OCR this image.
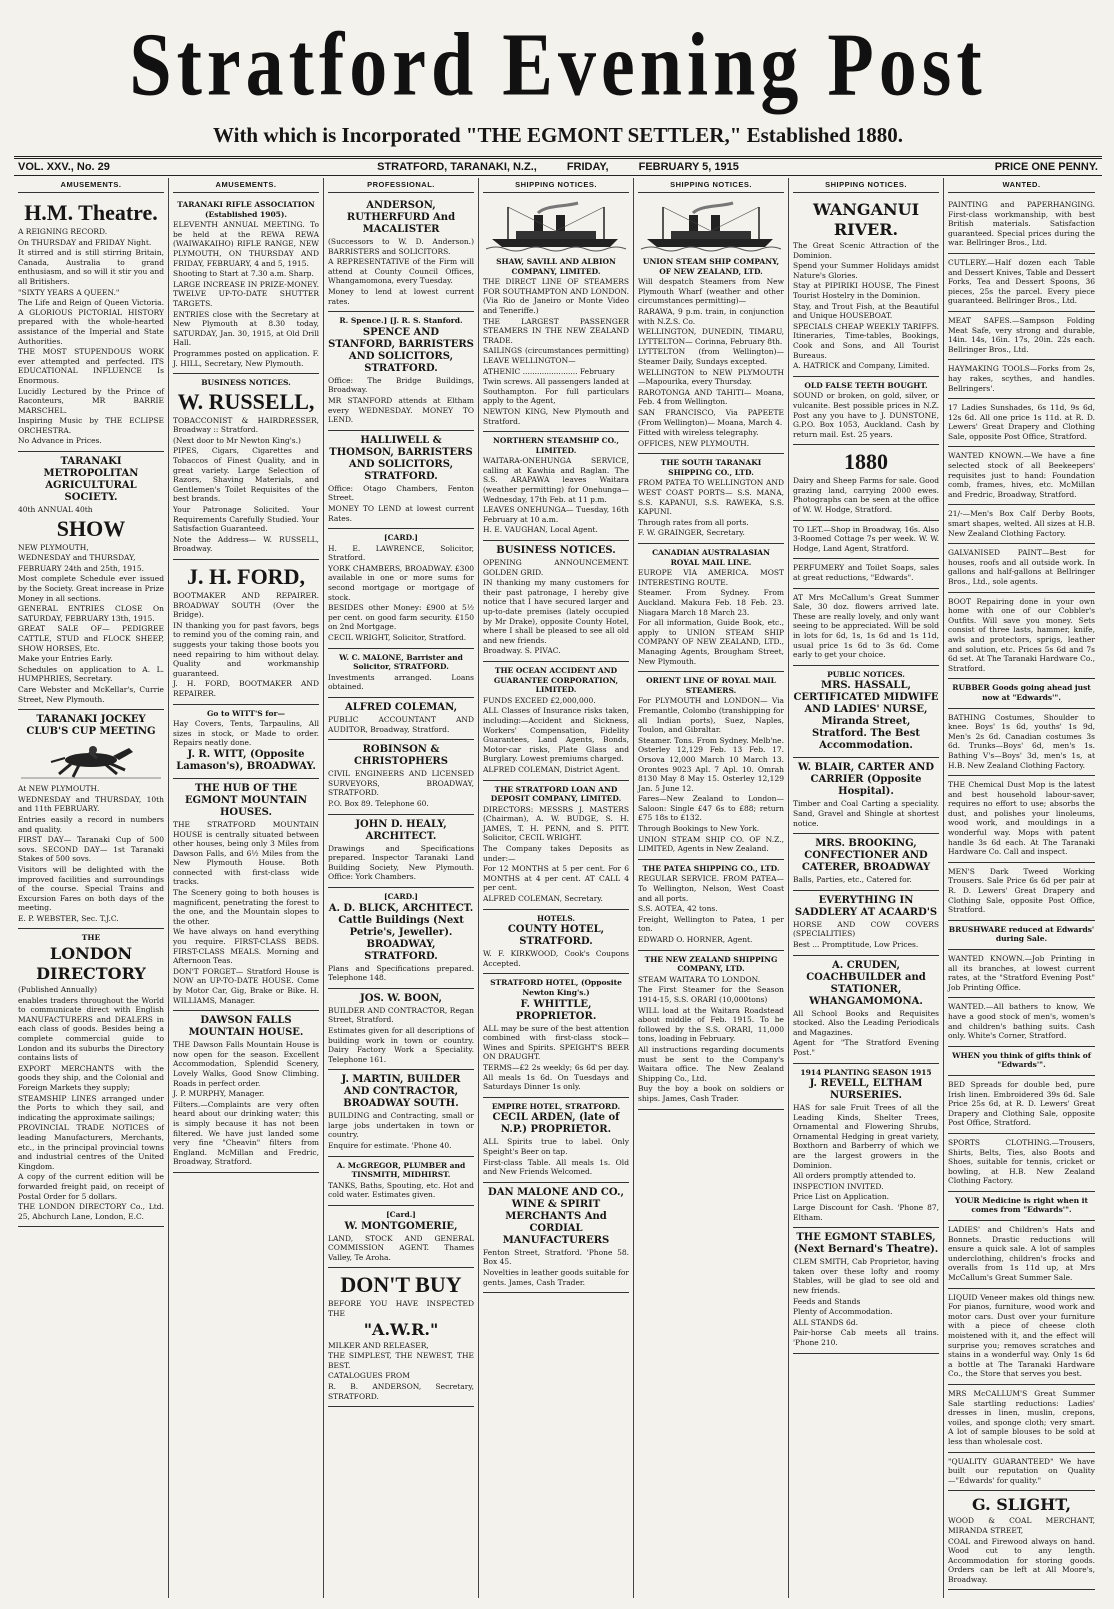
Stratford Evening Post
With which is Incorporated "THE EGMONT SETTLER," Established 1880.
VOL. XXV., No. 29	STRATFORD, TARANAKI, N.Z.,	FRIDAY,	FEBRUARY 5, 1915	PRICE ONE PENNY.
AMUSEMENTS.

H.M. Theatre.

A REIGNING RECORD.

On THURSDAY and FRIDAY Night.

It stirred and is still stirring Britain, Canada, Australia to grand enthusiasm, and so will it stir you and all Britishers.

"SIXTY YEARS A QUEEN."

The Life and Reign of Queen Victoria. A GLORIOUS PICTORIAL HISTORY prepared with the whole-hearted assistance of the Imperial and State Authorities.

THE MOST STUPENDOUS WORK ever attempted and perfected. ITS EDUCATIONAL INFLUENCE Is Enormous.

Lucidly Lectured by the Prince of Raconteurs, MR BARRIE MARSCHEL.

Inspiring Music by THE ECLIPSE ORCHESTRA.

No Advance in Prices.

TARANAKI METROPOLITAN AGRICULTURAL SOCIETY.

40th ANNUAL 40th

SHOW

NEW PLYMOUTH,

WEDNESDAY and THURSDAY,

FEBRUARY 24th and 25th, 1915.

Most complete Schedule ever issued by the Society. Great increase in Prize Money in all sections.

GENERAL ENTRIES CLOSE On SATURDAY, FEBRUARY 13th, 1915.

GREAT SALE OF— PEDIGREE CATTLE, STUD and FLOCK SHEEP, SHOW HORSES, Etc.

Make your Entries Early.

Schedules on application to A. L. HUMPHRIES, Secretary.

Care Webster and McKellar's, Currie Street, New Plymouth.

TARANAKI JOCKEY CLUB'S CUP MEETING

At NEW PLYMOUTH.

WEDNESDAY and THURSDAY, 10th and 11th FEBRUARY.

Entries easily a record in numbers and quality.

FIRST DAY— Taranaki Cup of 500 sovs. SECOND DAY— 1st Taranaki Stakes of 500 sovs.

Visitors will be delighted with the improved facilities and surroundings of the course. Special Trains and Excursion Fares on both days of the meeting.

E. P. WEBSTER, Sec. T.J.C.

THE

LONDON DIRECTORY

(Published Annually)

enables traders throughout the World to communicate direct with English MANUFACTURERS and DEALERS in each class of goods. Besides being a complete commercial guide to London and its suburbs the Directory contains lists of

EXPORT MERCHANTS with the goods they ship, and the Colonial and Foreign Markets they supply;

STEAMSHIP LINES arranged under the Ports to which they sail, and indicating the approximate sailings;

PROVINCIAL TRADE NOTICES of leading Manufacturers, Merchants, etc., in the principal provincial towns and industrial centres of the United Kingdom.

A copy of the current edition will be forwarded freight paid, on receipt of Postal Order for 5 dollars.

THE LONDON DIRECTORY Co., Ltd. 25, Abchurch Lane, London, E.C.

AMUSEMENTS.

TARANAKI RIFLE ASSOCIATION (Established 1905).

ELEVENTH ANNUAL MEETING. To be held at the REWA REWA (WAIWAKAIHO) RIFLE RANGE, NEW PLYMOUTH, ON THURSDAY AND FRIDAY, FEBRUARY, 4 and 5, 1915.

Shooting to Start at 7.30 a.m. Sharp.

LARGE INCREASE IN PRIZE-MONEY. TWELVE UP-TO-DATE SHUTTER TARGETS.

ENTRIES close with the Secretary at New Plymouth at 8.30 today, SATURDAY, Jan. 30, 1915, at Old Drill Hall.

Programmes posted on application. F. J. HILL, Secretary, New Plymouth.

BUSINESS NOTICES.

W. RUSSELL,

TOBACCONIST & HAIRDRESSER, Broadway :: Stratford.

(Next door to Mr Newton King's.)

PIPES, Cigars, Cigarettes and Tobaccos of Finest Quality, and in great variety. Large Selection of Razors, Shaving Materials, and Gentlemen's Toilet Requisites of the best brands.

Your Patronage Solicited. Your Requirements Carefully Studied. Your Satisfaction Guaranteed.

Note the Address— W. RUSSELL, Broadway.

J. H. FORD,

BOOTMAKER AND REPAIRER. BROADWAY SOUTH (Over the Bridge).

IN thanking you for past favors, begs to remind you of the coming rain, and suggests your taking those boots you need repairing to him without delay. Quality and workmanship guaranteed.

J. H. FORD, BOOTMAKER AND REPAIRER.

Go to WITT'S for—

Hay Covers, Tents, Tarpaulins, All sizes in stock, or Made to order. Repairs neatly done.

J. R. WITT, (Opposite Lamason's), BROADWAY.

THE HUB OF THE EGMONT MOUNTAIN HOUSES.

THE STRATFORD MOUNTAIN HOUSE is centrally situated between other houses, being only 3 Miles from Dawson Falls, and 6½ Miles from the New Plymouth House. Both connected with first-class wide tracks.

The Scenery going to both houses is magnificent, penetrating the forest to the one, and the Mountain slopes to the other.

We have always on hand everything you require. FIRST-CLASS BEDS. FIRST-CLASS MEALS. Morning and Afternoon Teas.

DON'T FORGET— Stratford House is NOW an UP-TO-DATE HOUSE. Come by Motor Car, Gig, Brake or Bike. H. WILLIAMS, Manager.

DAWSON FALLS MOUNTAIN HOUSE.

THE Dawson Falls Mountain House is now open for the season. Excellent Accommodation, Splendid Scenery, Lovely Walks, Good Snow Climbing. Roads in perfect order.

J. P. MURPHY, Manager.

Filters.—Complaints are very often heard about our drinking water; this is simply because it has not been filtered. We have just landed some very fine "Cheavin" filters from England. McMillan and Fredric, Broadway, Stratford.

PROFESSIONAL.

ANDERSON, RUTHERFURD And MACALISTER

(Successors to W. D. Anderson.) BARRISTERS and SOLICITORS.

A REPRESENTATIVE of the Firm will attend at County Council Offices, Whangamomona, every Tuesday.

Money to lend at lowest current rates.

R. Spence.] [J. R. S. Stanford.

SPENCE AND STANFORD, BARRISTERS AND SOLICITORS, STRATFORD.

Office: The Bridge Buildings, Broadway.

MR STANFORD attends at Eltham every WEDNESDAY. MONEY TO LEND.

HALLIWELL & THOMSON, BARRISTERS AND SOLICITORS, STRATFORD.

Office: Otago Chambers, Fenton Street.

MONEY TO LEND at lowest current Rates.

[CARD.]

H. E. LAWRENCE, Solicitor, Stratford.

YORK CHAMBERS, BROADWAY. £300 available in one or more sums for second mortgage or mortgage of stock.

BESIDES other Money: £900 at 5½ per cent. on good farm security. £150 on 2nd Mortgage.

CECIL WRIGHT, Solicitor, Stratford.

W. C. MALONE, Barrister and Solicitor, STRATFORD.

Investments arranged. Loans obtained.

ALFRED COLEMAN,

PUBLIC ACCOUNTANT AND AUDITOR, Broadway, Stratford.

ROBINSON & CHRISTOPHERS

CIVIL ENGINEERS AND LICENSED SURVEYORS, BROADWAY, STRATFORD.

P.O. Box 89. Telephone 60.

JOHN D. HEALY, ARCHITECT.

Drawings and Specifications prepared. Inspector Taranaki Land Building Society, New Plymouth. Office: York Chambers.

[CARD.]

A. D. BLICK, ARCHITECT. Cattle Buildings (Next Petrie's, Jeweller). BROADWAY, STRATFORD.

Plans and Specifications prepared. Telephone 148.

JOS. W. BOON,

BUILDER AND CONTRACTOR, Regan Street, Stratford.

Estimates given for all descriptions of building work in town or country. Dairy Factory Work a Speciality. Telephone 161.

J. MARTIN, BUILDER AND CONTRACTOR, BROADWAY SOUTH.

BUILDING and Contracting, small or large jobs undertaken in town or country.

Enquire for estimate. 'Phone 40.

A. McGREGOR, PLUMBER and TINSMITH, MIDHIRST.

TANKS, Baths, Spouting, etc. Hot and cold water. Estimates given.

[Card.]

W. MONTGOMERIE,

LAND, STOCK AND GENERAL COMMISSION AGENT. Thames Valley, Te Aroha.

DON'T BUY

BEFORE YOU HAVE INSPECTED THE

"A.W.R."

MILKER AND RELEASER,

THE SIMPLEST, THE NEWEST, THE BEST.

CATALOGUES FROM

R. B. ANDERSON, Secretary, STRATFORD.

SHIPPING NOTICES.

SHAW, SAVILL AND ALBION COMPANY, LIMITED.

THE DIRECT LINE OF STEAMERS FOR SOUTHAMPTON AND LONDON. (Via Rio de Janeiro or Monte Video and Teneriffe.)

THE LARGEST PASSENGER STEAMERS IN THE NEW ZEALAND TRADE.

SAILINGS (circumstances permitting) LEAVE WELLINGTON—

ATHENIC ....................... February

Twin screws. All passengers landed at Southampton. For full particulars apply to the Agent,

NEWTON KING, New Plymouth and Stratford.

NORTHERN STEAMSHIP CO., LIMITED.

WAITARA-ONEHUNGA SERVICE, calling at Kawhia and Raglan. The S.S. ARAPAWA leaves Waitara (weather permitting) for Onehunga— Wednesday, 17th Feb. at 11 p.m.

LEAVES ONEHUNGA— Tuesday, 16th February at 10 a.m.

H. E. VAUGHAN, Local Agent.

BUSINESS NOTICES.

OPENING ANNOUNCEMENT. GOLDEN GRID.

IN thanking my many customers for their past patronage, I hereby give notice that I have secured larger and up-to-date premises (lately occupied by Mr Drake), opposite County Hotel, where I shall be pleased to see all old and new friends.

Broadway. S. PIVAC.

THE OCEAN ACCIDENT AND GUARANTEE CORPORATION, LIMITED.

FUNDS EXCEED £2,000,000.

ALL Classes of Insurance risks taken, including:—Accident and Sickness, Workers' Compensation, Fidelity Guarantees, Land Agents, Bonds, Motor-car risks, Plate Glass and Burglary. Lowest premiums charged.

ALFRED COLEMAN, District Agent.

THE STRATFORD LOAN AND DEPOSIT COMPANY, LIMITED.

DIRECTORS: MESSRS J. MASTERS (Chairman), A. W. BUDGE, S. H. JAMES, T. H. PENN, and S. PITT. Solicitor, CECIL WRIGHT.

The Company takes Deposits as under:—

For 12 MONTHS at 5 per cent. For 6 MONTHS at 4 per cent. AT CALL 4 per cent.

ALFRED COLEMAN, Secretary.

HOTELS.

COUNTY HOTEL, STRATFORD.

W. F. KIRKWOOD, Cook's Coupons Accepted.

STRATFORD HOTEL, (Opposite Newton King's.)

F. WHITTLE, PROPRIETOR.

ALL may be sure of the best attention combined with first-class stock—Wines and Spirits. SPEIGHT'S BEER ON DRAUGHT.

TERMS—£2 2s weekly; 6s 6d per day. All meals 1s 6d. On Tuesdays and Saturdays Dinner 1s only.

EMPIRE HOTEL, STRATFORD.

CECIL ARDEN, (late of N.P.) PROPRIETOR.

ALL Spirits true to label. Only Speight's Beer on tap.

First-class Table. All meals 1s. Old and New Friends Welcomed.

DAN MALONE AND CO., WINE & SPIRIT MERCHANTS And CORDIAL MANUFACTURERS

Fenton Street, Stratford. 'Phone 58. Box 45.

Novelties in leather goods suitable for gents. James, Cash Trader.

SHIPPING NOTICES.

UNION STEAM SHIP COMPANY, OF NEW ZEALAND, LTD.

Will despatch Steamers from New Plymouth Wharf (weather and other circumstances permitting)—

RARAWA, 9 p.m. train, in conjunction with N.Z.S. Co.

WELLINGTON, DUNEDIN, TIMARU, LYTTELTON— Corinna, February 8th.

LYTTELTON (from Wellington)— Steamer Daily, Sundays excepted.

WELLINGTON to NEW PLYMOUTH —Mapourika, every Thursday.

RAROTONGA AND TAHITI— Moana, Feb. 4 from Wellington.

SAN FRANCISCO, Via PAPEETE (From Wellington)— Moana, March 4.

Fitted with wireless telegraphy.

OFFICES, NEW PLYMOUTH.

THE SOUTH TARANAKI SHIPPING CO., LTD.

FROM PATEA TO WELLINGTON AND WEST COAST PORTS— S.S. MANA, S.S. KAPANUI, S.S. RAWEKA, S.S. KAPUNI.

Through rates from all ports.

F. W. GRAINGER, Secretary.

CANADIAN AUSTRALASIAN ROYAL MAIL LINE.

EUROPE VIA AMERICA. MOST INTERESTING ROUTE.

Steamer. From Sydney. From Auckland. Makura Feb. 18 Feb. 23. Niagara March 18 March 23.

For all information, Guide Book, etc., apply to UNION STEAM SHIP COMPANY OF NEW ZEALAND, LTD., Managing Agents, Brougham Street, New Plymouth.

ORIENT LINE OF ROYAL MAIL STEAMERS.

For PLYMOUTH and LONDON— Via Fremantle, Colombo (transhipping for all Indian ports), Suez, Naples, Toulon, and Gibraltar.

Steamer. Tons. From Sydney. Melb'ne. Osterley 12,129 Feb. 13 Feb. 17. Orsova 12,000 March 10 March 13. Orontes 9023 Apl. 7 Apl. 10. Omrah 8130 May 8 May 15. Osterley 12,129 Jan. 5 June 12.

Fares—New Zealand to London— Saloon: Single £47 6s to £88; return £75 18s to £132.

Through Bookings to New York.

UNION STEAM SHIP CO. OF N.Z., LIMITED, Agents in New Zealand.

THE PATEA SHIPPING CO., LTD.

REGULAR SERVICE. FROM PATEA— To Wellington, Nelson, West Coast and all ports.

S.S. AOTEA, 42 tons.

Freight, Wellington to Patea, 1 per ton.

EDWARD O. HORNER, Agent.

THE NEW ZEALAND SHIPPING COMPANY, LTD.

STEAM WAITARA TO LONDON.

The First Steamer for the Season 1914-15, S.S. ORARI (10,000tons)

WILL load at the Waitara Roadstead about middle of Feb. 1915. To be followed by the S.S. ORARI, 11,000 tons, loading in February.

All instructions regarding documents must be sent to the Company's Waitara office. The New Zealand Shipping Co., Ltd.

Buy the boy a book on soldiers or ships. James, Cash Trader.

SHIPPING NOTICES.

WANGANUI RIVER.

The Great Scenic Attraction of the Dominion.

Spend your Summer Holidays amidst Nature's Glories.

Stay at PIPIRIKI HOUSE, The Finest Tourist Hostelry in the Dominion.

Stay, and Trout Fish, at the Beautiful and Unique HOUSEBOAT.

SPECIALS CHEAP WEEKLY TARIFFS. Itineraries, Time-tables, Bookings, Cook and Sons, and All Tourist Bureaus.

A. HATRICK and Company, Limited.

OLD FALSE TEETH BOUGHT.

SOUND or broken, on gold, silver, or vulcanite. Best possible prices in N.Z. Post any you have to J. DUNSTONE, G.P.O. Box 1053, Auckland. Cash by return mail. Est. 25 years.

1880

Dairy and Sheep Farms for sale. Good grazing land, carrying 2000 ewes. Photographs can be seen at the office of W. W. Hodge, Stratford.

TO LET.—Shop in Broadway, 16s. Also 3-Roomed Cottage 7s per week. W. W. Hodge, Land Agent, Stratford.

PERFUMERY and Toilet Soaps, sales at great reductions, "Edwards".

AT Mrs McCallum's Great Summer Sale, 30 doz. flowers arrived late. These are really lovely, and only want seeing to be appreciated. Will be sold in lots for 6d, 1s, 1s 6d and 1s 11d, usual price 1s 6d to 3s 6d. Come early to get your choice.

PUBLIC NOTICES.

MRS. HASSALL, CERTIFICATED MIDWIFE AND LADIES' NURSE, Miranda Street, Stratford. The Best Accommodation.

W. BLAIR, CARTER AND CARRIER (Opposite Hospital).

Timber and Coal Carting a speciality. Sand, Gravel and Shingle at shortest notice.

MRS. BROOKING, CONFECTIONER AND CATERER, BROADWAY

Balls, Parties, etc., Catered for.

EVERYTHING IN SADDLERY AT ACAARD'S

HORSE AND COW COVERS (SPECIALITIES)

Best ... Promptitude, Low Prices.

A. CRUDEN, COACHBUILDER and STATIONER, WHANGAMOMONA.

All School Books and Requisites stocked. Also the Leading Periodicals and Magazines.

Agent for "The Stratford Evening Post."

1914 PLANTING SEASON 1915

J. REVELL, ELTHAM NURSERIES.

HAS for sale Fruit Trees of all the Leading Kinds, Shelter Trees, Ornamental and Flowering Shrubs, Ornamental Hedging in great variety, Boxthorn and Barberry of which we are the largest growers in the Dominion.

All orders promptly attended to.

INSPECTION INVITED.

Price List on Application.

Large Discount for Cash. 'Phone 87, Eltham.

THE EGMONT STABLES, (Next Bernard's Theatre).

CLEM SMITH, Cab Proprietor, having taken over these lofty and roomy Stables, will be glad to see old and new friends.

Feeds and Stands

Plenty of Accommodation.

ALL STANDS 6d.

Pair-horse Cab meets all trains. 'Phone 210.

WANTED.

PAINTING and PAPERHANGING. First-class workmanship, with best British materials. Satisfaction guaranteed. Special prices during the war. Bellringer Bros., Ltd.

CUTLERY.—Half dozen each Table and Dessert Knives, Table and Dessert Forks, Tea and Dessert Spoons, 36 pieces, 25s the parcel. Every piece guaranteed. Bellringer Bros., Ltd.

MEAT SAFES.—Sampson Folding Meat Safe, very strong and durable, 14in. 14s, 16in. 17s, 20in. 22s each. Bellringer Bros., Ltd.

HAYMAKING TOOLS—Forks from 2s, hay rakes, scythes, and handles. Bellringers'.

17 Ladies Sunshades, 6s 11d, 9s 6d, 12s 6d. All one price 1s 11d. at R. D. Lewers' Great Drapery and Clothing Sale, opposite Post Office, Stratford.

WANTED KNOWN.—We have a fine selected stock of all Beekeepers' requisites just to hand: Foundation comb, frames, hives, etc. McMillan and Fredric, Broadway, Stratford.

21/-—Men's Box Calf Derby Boots, smart shapes, welted. All sizes at H.B. New Zealand Clothing Factory.

GALVANISED PAINT—Best for houses, roofs and all outside work. In gallons and half-gallons at Bellringer Bros., Ltd., sole agents.

BOOT Repairing done in your own home with one of our Cobbler's Outfits. Will save you money. Sets consist of three lasts, hammer, knife, awls and protectors, sprigs, leather and solution, etc. Prices 5s 6d and 7s 6d set. At The Taranaki Hardware Co., Stratford.

RUBBER Goods going ahead just now at "Edwards'".

BATHING Costumes, Shoulder to knee. Boys' 1s 6d, youths' 1s 9d, Men's 2s 6d. Canadian costumes 3s 6d. Trunks—Boys' 6d, men's 1s. Bathing V's—Boys' 3d, men's 1s, at H.B. New Zealand Clothing Factory.

THE Chemical Dust Mop is the latest and best household labour-saver, requires no effort to use; absorbs the dust, and polishes your linoleums, wood work, and mouldings in a wonderful way. Mops with patent handle 3s 6d each. At The Taranaki Hardware Co. Call and inspect.

MEN'S Dark Tweed Working Trousers. Sale Price 6s 6d per pair at R. D. Lewers' Great Drapery and Clothing Sale, opposite Post Office, Stratford.

BRUSHWARE reduced at Edwards' during Sale.

WANTED KNOWN.—Job Printing in all its branches, at lowest current rates, at the "Stratford Evening Post" Job Printing Office.

WANTED.—All bathers to know, We have a good stock of men's, women's and children's bathing suits. Cash only. White's Corner, Stratford.

WHEN you think of gifts think of "Edwards'".

BED Spreads for double bed, pure Irish linen. Embroidered 39s 6d. Sale Price 25s 6d, at R. D. Lewers' Great Drapery and Clothing Sale, opposite Post Office, Stratford.

SPORTS CLOTHING.—Trousers, Shirts, Belts, Ties, also Boots and Shoes, suitable for tennis, cricket or bowling, at H.B. New Zealand Clothing Factory.

YOUR Medicine is right when it comes from "Edwards'".

LADIES' and Children's Hats and Bonnets. Drastic reductions will ensure a quick sale. A lot of samples underclothing, children's frocks and overalls from 1s 11d up, at Mrs McCallum's Great Summer Sale.

LIQUID Veneer makes old things new. For pianos, furniture, wood work and motor cars. Dust over your furniture with a piece of cheese cloth moistened with it, and the effect will surprise you; removes scratches and stains in a wonderful way. Only 1s 6d a bottle at The Taranaki Hardware Co., the Store that serves you best.

MRS McCALLUM'S Great Summer Sale startling reductions: Ladies' dresses in linen, muslin, crepons, voiles, and sponge cloth; very smart. A lot of sample blouses to be sold at less than wholesale cost.

"QUALITY GUARANTEED" We have built our reputation on Quality—"Edwards' for quality."

G. SLIGHT,

WOOD & COAL MERCHANT, MIRANDA STREET,

COAL and Firewood always on hand. Wood cut to any length. Accommodation for storing goods. Orders can be left at All Moore's, Broadway.
